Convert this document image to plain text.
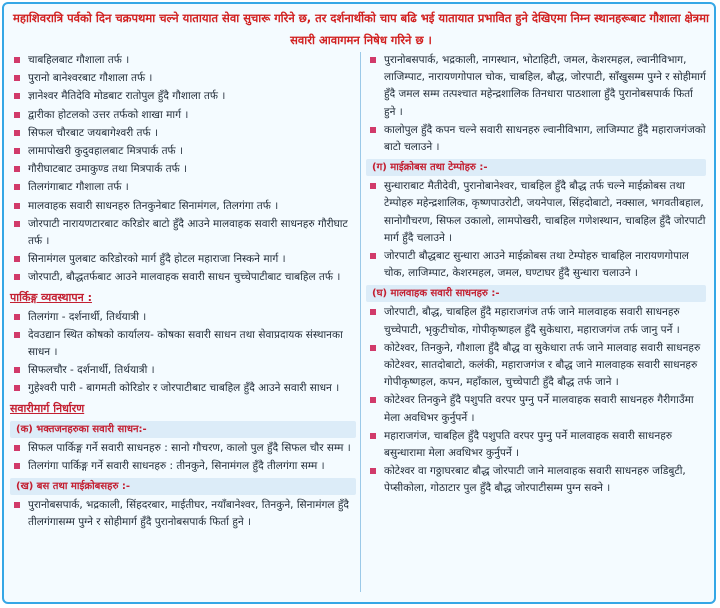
महाशिवरात्रि पर्वको दिन चक्रपथमा चल्ने यातायात सेवा सुचारू गरिने छ, तर दर्शनार्थीको चाप बढि भई यातायात प्रभावित हुने देखिएमा निम्न स्थानहरूबाट गौशाला क्षेत्रमा सवारी आवागमन निषेध गरिने छ ।
चाबहिलबाट गौशाला तर्फ ।
पुरानो बानेश्वरबाट गौशाला तर्फ ।
ज्ञानेश्वर मैतिदेवि मोडबाट रातोपुल हुँदै गौशाला तर्फ ।
द्वारीका होटलको उत्तर तर्फको शाखा मार्ग ।
सिफल चौरबाट जयबागेश्वरी तर्फ ।
लामापोखरी कुदुवहालबाट मित्रपार्क तर्फ ।
गौरीघाटबाट उमाकुण्ड तथा मित्रपार्क तर्फ ।
तिलगंगाबाट गौशाला तर्फ ।
मालवाहक सवारी साधनहरु तिनकुनेबाट सिनामंगल, तिलगंगा तर्फ ।
जोरपाटी नारायणटारबाट करिडोर बाटो हुँदै आउने मालवाहक सवारी साधनहरु गौरीघाट तर्फ ।
सिनामंगल पुलबाट करिडोरको मार्ग हुँदै होटल महाराजा निस्कने मार्ग ।
जोरपाटी, बौद्धतर्फबाट आउने मालवाहक सवारी साधन चुच्चेपाटीबाट चाबहिल तर्फ ।
पार्किङ्ग व्यवस्थापन :
तिलगंगा - दर्शनार्थी, तिर्थयात्री ।
देवउद्यान स्थित कोषको कार्यालय- कोषका सवारी साधन तथा सेवाप्रदायक संस्थानका साधन ।
सिफलचौर - दर्शनार्थी, तिर्थयात्री ।
गुहेश्वरी पारी - बागमती कोरिडोर र जोरपाटीबाट चाबहिल हुँदै आउने सवारी साधन ।
सवारीमार्ग निर्धारण
(क) भक्तजनहरुका सवारी साधन:-
सिफल पार्किङ्ग गर्ने सवारी साधनहरु : सानो गौचरण, कालो पुल हुँदै सिफल चौर सम्म ।
तिलगंगा पार्किङ्ग गर्ने सवारी साधनहरु : तीनकुने, सिनामंगल हुँदै तीलगंगा सम्म ।
(ख) बस तथा माईक्रोबसहरु :-
पुरानोबसपार्क, भद्रकाली, सिंहदरबार, माईतीघर, नयाँबानेश्वर, तिनकुने, सिनामंगल हुँदै तीलगंगासम्म पुग्ने र सोहीमार्ग हुँदै पुरानोबसपार्क फिर्ता हुने ।
पुरानोबसपार्क, भद्रकाली, नागस्थान, भोटाहिटी, जमल, केशरमहल, ल्वानीविभाग, लाजिम्पाट, नारायणगोपाल चोक, चाबहिल, बौद्ध, जोरपाटी, साँखुसम्म पुग्ने र सोहीमार्ग हुँदै जमल सम्म तत्पश्चात महेन्द्रशालिक तिनधारा पाठशाला हुँदै पुरानोबसपार्क फिर्ता हुने ।
कालोपुल हुँदै कपन चल्ने सवारी साधनहरु ल्वानीविभाग, लाजिम्पाट हुँदै महाराजगंजको बाटो चलाउने ।
(ग) माईक्रोबस तथा टेम्पोहरु :-
सुन्धाराबाट मैतीदेवी, पुरानोबानेश्वर, चाबहिल हुँदै बौद्ध तर्फ चल्ने माईक्रोबस तथा टेम्पोहरु महेन्द्रशालिक, कृष्णपाउरोटी, जयनेपाल, सिंहदोबाटो, नक्साल, भगवतीबहाल, सानोगौचरण, सिफल उकालो, लामपोखरी, चाबहिल गणेशस्थान, चाबहिल हुँदै जोरपाटी मार्ग हुँदै चलाउने ।
जोरपाटी बौद्धबाट सुन्धारा आउने माईक्रोबस तथा टेम्पोहरु चाबहिल नारायणगोपाल चोक, लाजिम्पाट, केशरमहल, जमल, घण्टाघर हुँदै सुन्धारा चलाउने ।
(घ) मालवाहक सवारी साधनहरु :-
जोरपाटी, बौद्ध, चाबहिल हुँदै महाराजगंज तर्फ जाने मालवाहक सवारी साधनहरु चुच्चेपाटी, भृकुटीचोक, गोपीकृष्णहल हुँदै सुकेधारा, महाराजगंज तर्फ जानु पर्ने ।
कोटेश्वर, तिनकुने, गौशाला हुँदै बौद्ध वा सुकेधारा तर्फ जाने मालवाह सवारी साधनहरु कोटेश्वर, सातदोबाटो, कलंकी, महाराजगंज र बौद्ध जाने मालवाहक सवारी साधनहरु गोपीकृष्णहल, कपन, महाँकाल, चुच्चेपाटी हुँदै बौद्ध तर्फ जाने ।
कोटेश्वर तिनकुने हुँदै पशुपति वरपर पुग्नु पर्ने मालवाहक सवारी साधनहरु गैरीगाउँमा मेला अवधिभर कुर्नुपर्ने ।
महाराजगंज, चाबहिल हुँदै पशुपति वरपर पुग्नु पर्ने मालवाहक सवारी साधनहरु बसुन्धारामा मेला अवधिभर कुर्नुपर्ने ।
कोटेश्वर वा गठ्ठाघरबाट बौद्ध जोरपाटी जाने मालवाहक सवारी साधनहरु जडिबुटी, पेप्सीकोला, गोठाटार पुल हुँदै बौद्ध जोरपाटीसम्म पुग्न सक्ने ।
